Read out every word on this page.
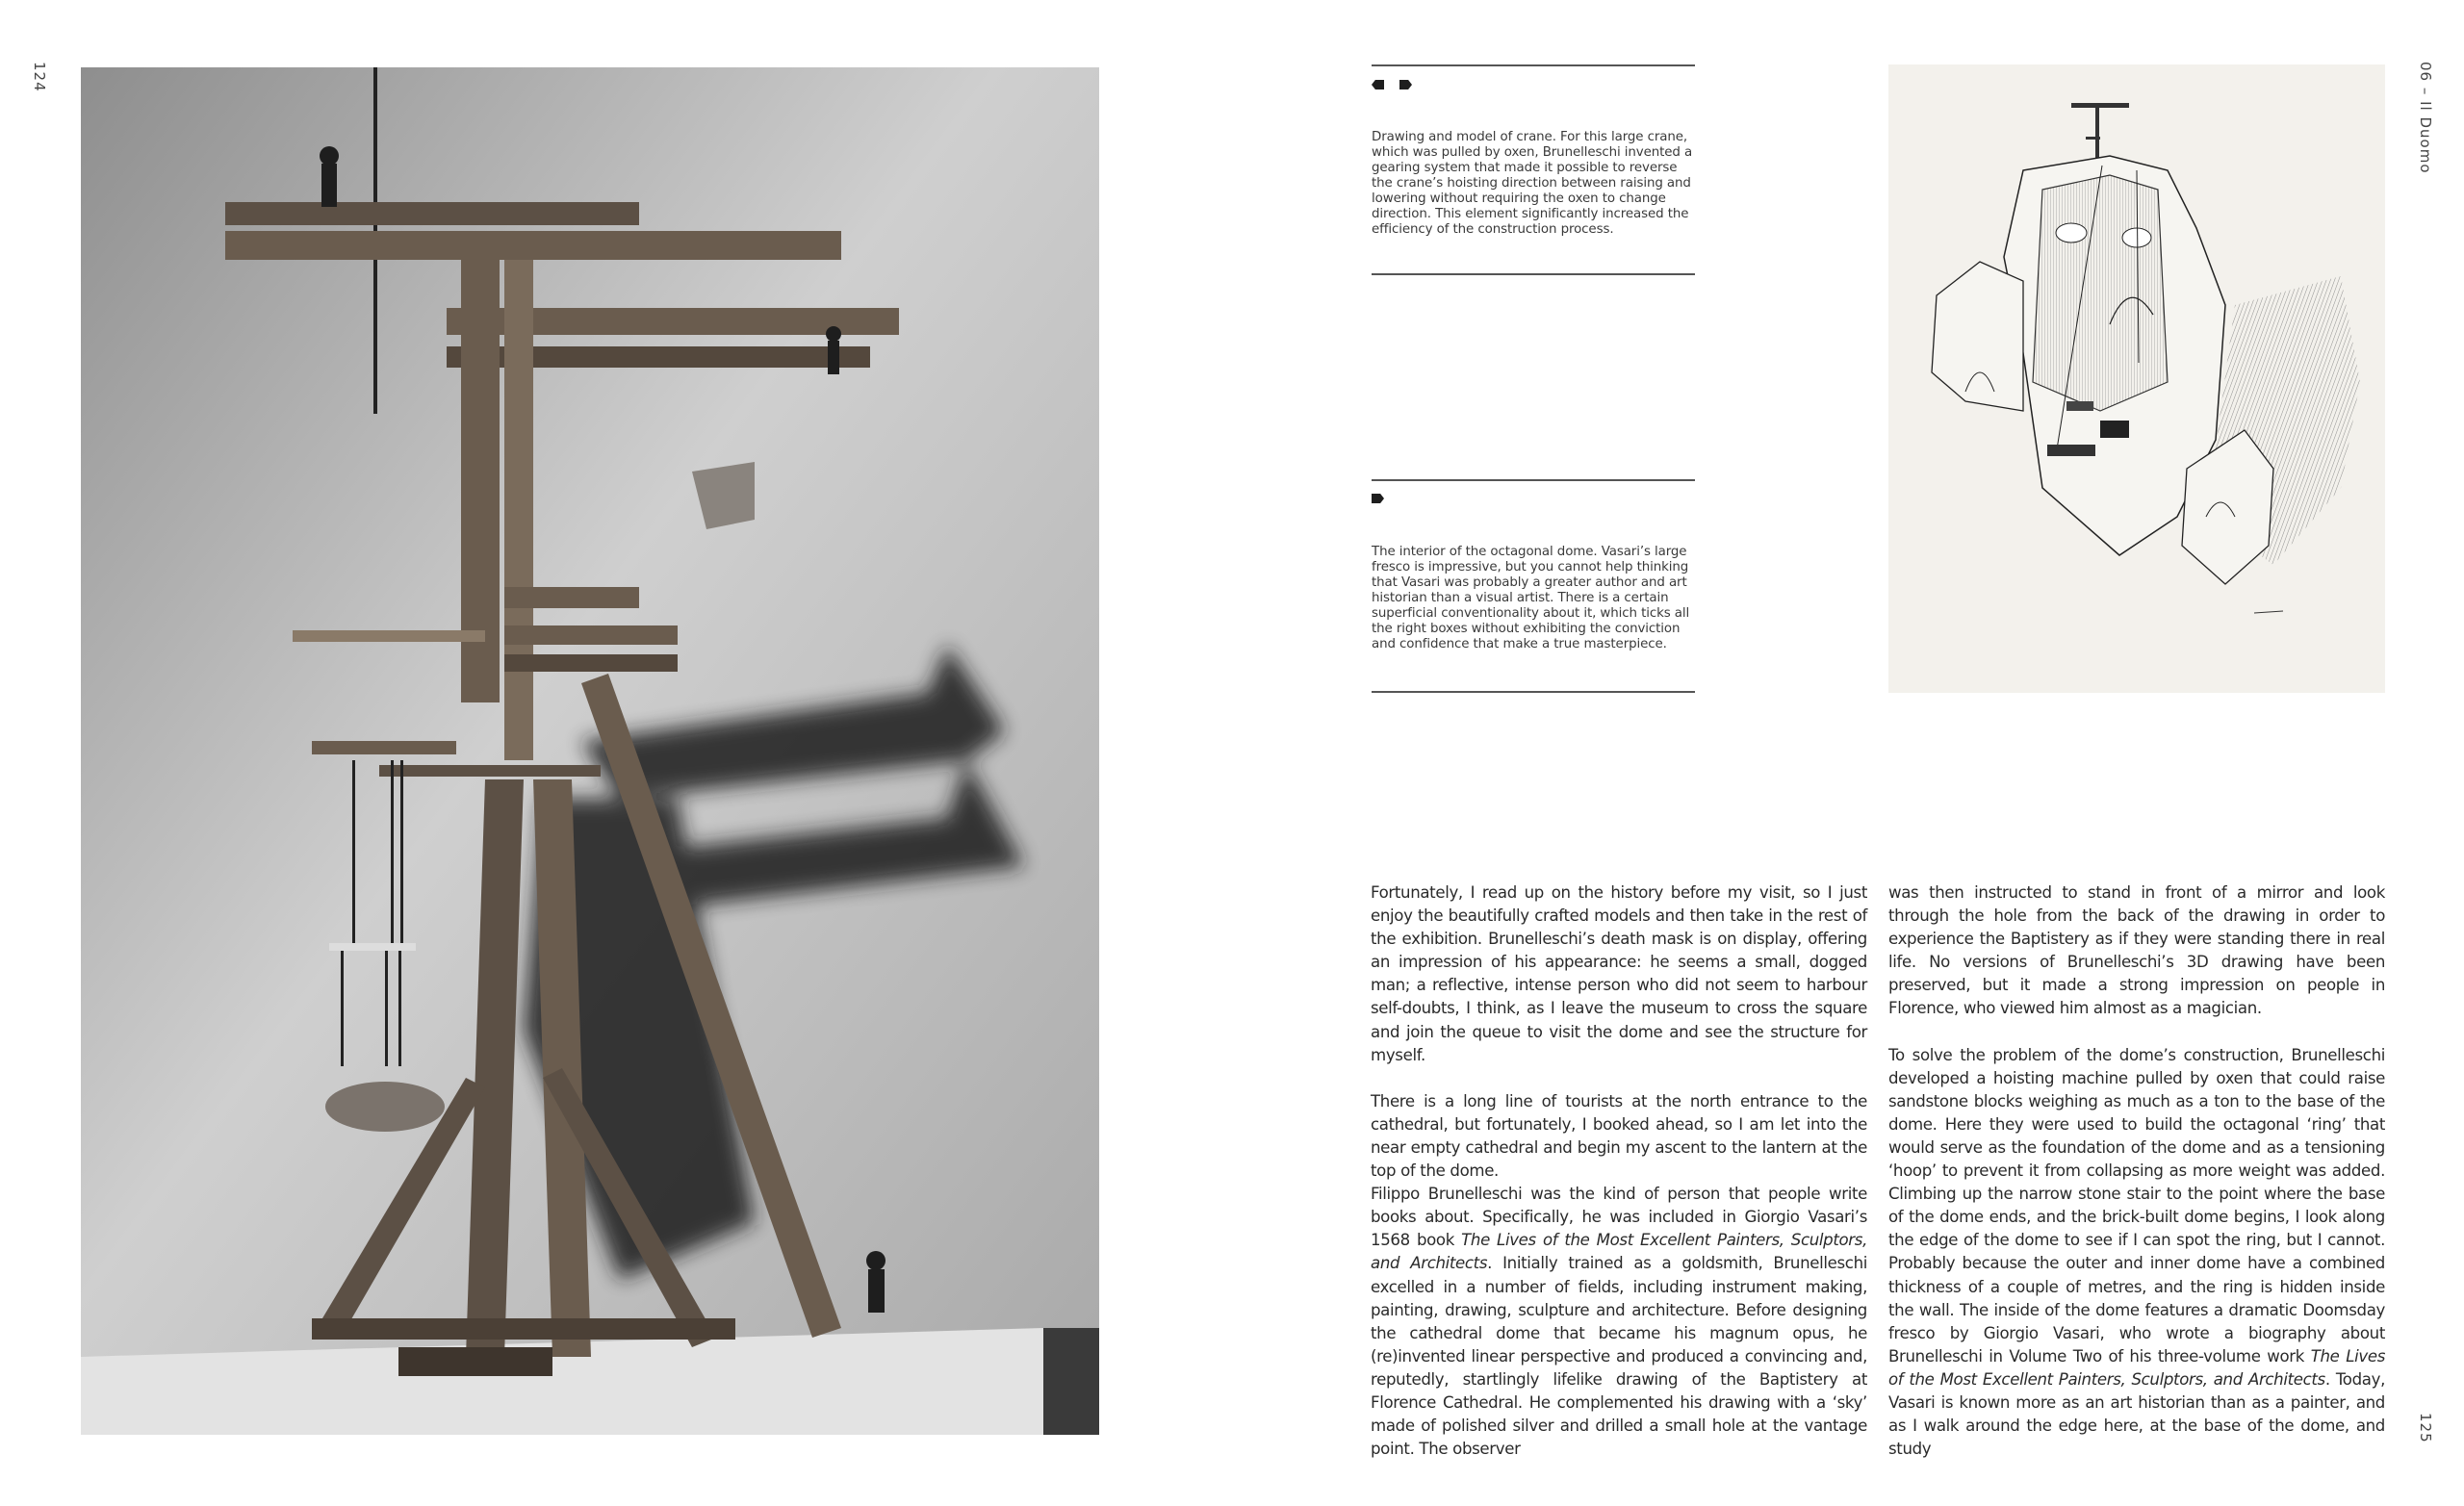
124	06 – Il Duomo
125
Drawing and model of crane. For this large crane, which was pulled by oxen, Brunelleschi invented a gearing system that made it possible to reverse the crane’s hoisting direction between raising and lowering without requiring the oxen to change direction. This element significantly increased the efficiency of the construction process.
The interior of the octagonal dome. Vasari’s large fresco is impressive, but you cannot help thinking that Vasari was probably a greater author and art historian than a visual artist. There is a certain superficial conventionality about it, which ticks all the right boxes without exhibiting the conviction and confidence that make a true masterpiece.

Fortunately, I read up on the history before my visit, so I just enjoy the beautifully crafted models and then take in the rest of the exhibition. Brunelleschi’s death mask is on display, offering an impression of his appearance: he seems a small, dogged man; a reflective, intense person who did not seem to harbour self-doubts, I think, as I leave the museum to cross the square and join the queue to visit the dome and see the structure for myself.

There is a long line of tourists at the north entrance to the cathedral, but fortunately, I booked ahead, so I am let into the near empty cathedral and begin my ascent to the lantern at the top of the dome.

Filippo Brunelleschi was the kind of person that people write books about. Specifically, he was included in Giorgio Vasari’s 1568 book The Lives of the Most Excellent Painters, Sculptors, and Architects. Initially trained as a goldsmith, Brunelleschi excelled in a number of fields, including instrument making, painting, drawing, sculpture and architecture. Before designing the cathedral dome that became his magnum opus, he (re)invented linear perspective and produced a convincing and, reputedly, startlingly lifelike drawing of the Baptistery at Florence Cathedral. He complemented his drawing with a ‘sky’ made of polished silver and drilled a small hole at the vantage point. The observer

was then instructed to stand in front of a mirror and look through the hole from the back of the drawing in order to experience the Baptistery as if they were standing there in real life. No versions of Brunelleschi’s 3D drawing have been preserved, but it made a strong impression on people in Florence, who viewed him almost as a magician.

To solve the problem of the dome’s construction, Brunelleschi developed a hoisting machine pulled by oxen that could raise sandstone blocks weighing as much as a ton to the base of the dome. Here they were used to build the octagonal ‘ring’ that would serve as the foundation of the dome and as a tensioning ‘hoop’ to prevent it from collapsing as more weight was added. Climbing up the narrow stone stair to the point where the base of the dome ends, and the brick-built dome begins, I look along the edge of the dome to see if I can spot the ring, but I cannot. Probably because the outer and inner dome have a combined thickness of a couple of metres, and the ring is hidden inside the wall. The inside of the dome features a dramatic Doomsday fresco by Giorgio Vasari, who wrote a biography about Brunelleschi in Volume Two of his three-volume work The Lives of the Most Excellent Painters, Sculptors, and Architects. Today, Vasari is known more as an art historian than as a painter, and as I walk around the edge here, at the base of the dome, and study
